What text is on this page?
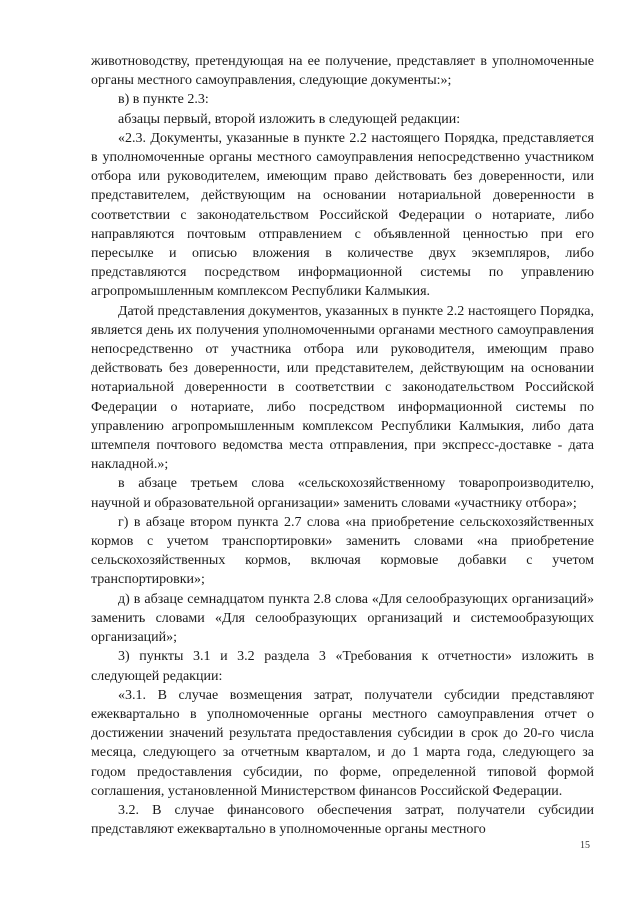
животноводству, претендующая на ее получение, представляет в уполномоченные органы местного самоуправления, следующие документы:»;

в) в пункте 2.3:

абзацы первый, второй изложить в следующей редакции:

«2.3. Документы, указанные в пункте 2.2 настоящего Порядка, представляется в уполномоченные органы местного самоуправления непосредственно участником отбора или руководителем, имеющим право действовать без доверенности, или представителем, действующим на основании нотариальной доверенности в соответствии с законодательством Российской Федерации о нотариате, либо направляются почтовым отправлением с объявленной ценностью при его пересылке и описью вложения в количестве двух экземпляров, либо представляются посредством информационной системы по управлению агропромышленным комплексом Республики Калмыкия.

Датой представления документов, указанных в пункте 2.2 настоящего Порядка, является день их получения уполномоченными органами местного самоуправления непосредственно от участника отбора или руководителя, имеющим право действовать без доверенности, или представителем, действующим на основании нотариальной доверенности в соответствии с законодательством Российской Федерации о нотариате, либо посредством информационной системы по управлению агропромышленным комплексом Республики Калмыкия, либо дата штемпеля почтового ведомства места отправления, при экспресс-доставке - дата накладной.»;

в абзаце третьем слова «сельскохозяйственному товаропроизводителю, научной и образовательной организации» заменить словами «участнику отбора»;

г) в абзаце втором пункта 2.7 слова «на приобретение сельскохозяйственных кормов с учетом транспортировки» заменить словами «на приобретение сельскохозяйственных кормов, включая кормовые добавки с учетом транспортировки»;

д) в абзаце семнадцатом пункта 2.8 слова «Для селообразующих организаций» заменить словами «Для селообразующих организаций и системообразующих организаций»;

3) пункты 3.1 и 3.2 раздела 3 «Требования к отчетности» изложить в следующей редакции:

«3.1. В случае возмещения затрат, получатели субсидии представляют ежеквартально в уполномоченные органы местного самоуправления отчет о достижении значений результата предоставления субсидии в срок до 20-го числа месяца, следующего за отчетным кварталом, и до 1 марта года, следующего за годом предоставления субсидии, по форме, определенной типовой формой соглашения, установленной Министерством финансов Российской Федерации.

3.2. В случае финансового обеспечения затрат, получатели субсидии представляют ежеквартально в уполномоченные органы местного

15
